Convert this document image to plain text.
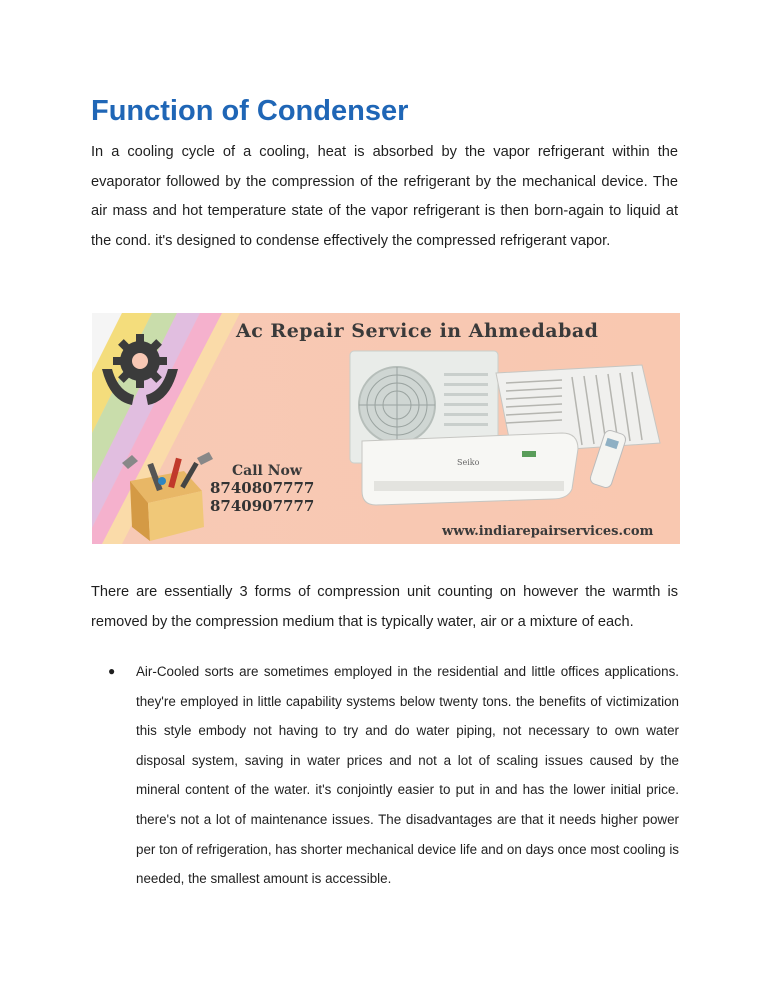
Function of Condenser

In a cooling cycle of a cooling, heat is absorbed by the vapor refrigerant within the evaporator followed by the compression of the refrigerant by the mechanical device. The air mass and hot temperature state of the vapor refrigerant is then born-again to liquid at the cond. it's designed to condense effectively the compressed refrigerant vapor.

Seiko
Ac Repair Service in Ahmedabad
Call Now
8740807777
8740907777
www.indiarepairservices.com

There are essentially 3 forms of compression unit counting on however the warmth is removed by the compression medium that is typically water, air or a mixture of each.

● Air-Cooled sorts are sometimes employed in the residential and little offices applications. they're employed in little capability systems below twenty tons. the benefits of victimization this style embody not having to try and do water piping, not necessary to own water disposal system, saving in water prices and not a lot of scaling issues caused by the mineral content of the water. it's conjointly easier to put in and has the lower initial price. there's not a lot of maintenance issues. The disadvantages are that it needs higher power per ton of refrigeration, has shorter mechanical device life and on days once most cooling is needed, the smallest amount is accessible.
